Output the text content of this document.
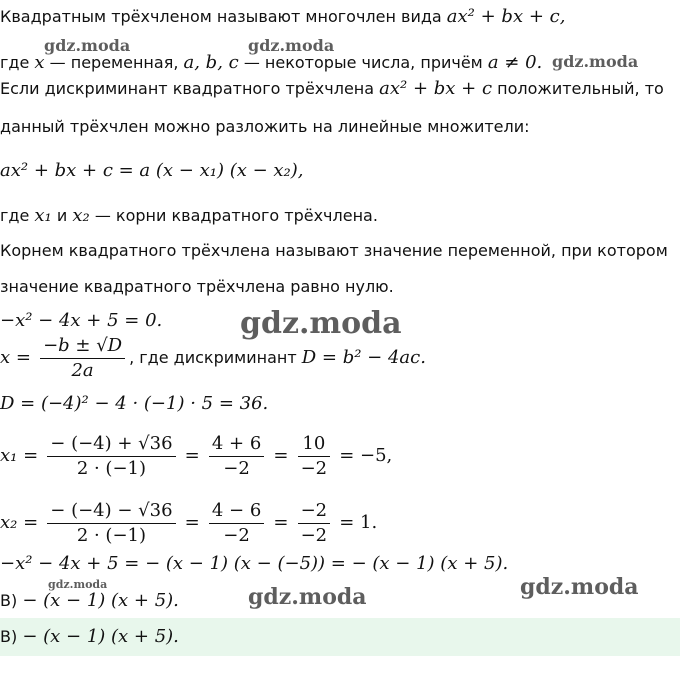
Квадратным трёхчленом называют многочлен вида ax² + bx + c,
где x — переменная, a, b, c — некоторые числа, причём a ≠ 0.
Если дискриминант квадратного трёхчлена ax² + bx + c положительный, то
данный трёхчлен можно разложить на линейные множители:
ax² + bx + c = a (x − x₁) (x − x₂),
где x₁ и x₂ — корни квадратного трёхчлена.
Корнем квадратного трёхчлена называют значение переменной, при котором
значение квадратного трёхчлена равно нулю.
−x² − 4x + 5 = 0.
$x = \frac{-b \pm √D}{2a}$ , где дискриминант D = b² − 4ac.
D = (−4)² − 4 · (−1) · 5 = 36.
$x_1 = \frac{- (-4) + √36}{2 \cdot (-1)} = \frac{4 + 6}{-2} = \frac{10}{-2} = -5$,
$x_2 = \frac{- (-4) - √36}{2 \cdot (-1)} = \frac{4 - 6}{-2} = \frac{-2}{-2} = 1$.
−x² − 4x + 5 = − (x − 1) (x − (−5)) = − (x − 1) (x + 5).
В) − (x − 1) (x + 5).
В) − (x − 1) (x + 5).
gdz.moda	gdz.moda
gdz.moda
gdz.moda
gdz.moda
gdz.moda
gdz.moda
